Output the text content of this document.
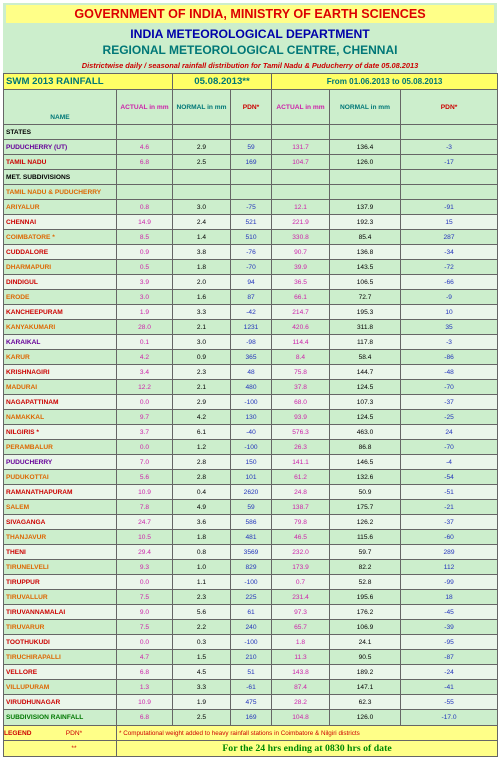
GOVERNMENT OF INDIA, MINISTRY OF EARTH SCIENCES
INDIA METEOROLOGICAL DEPARTMENT
REGIONAL METEOROLOGICAL CENTRE, CHENNAI
Districtwise daily / seasonal rainfall distribution for Tamil Nadu & Puducherry of date 05.08.2013
SWM 2013 RAINFALL		05.08.2013**		From 01.06.2013 to 05.08.2013		
NAME	ACTUAL in mm	NORMAL in mm	PDN*	ACTUAL in mm	NORMAL in mm	PDN*
STATES						
PUDUCHERRY (UT)	4.6	2.9	59	131.7	136.4	-3
TAMIL NADU	6.8	2.5	169	104.7	126.0	-17
MET. SUBDIVISIONS						
TAMIL NADU & PUDUCHERRY						
ARIYALUR	0.8	3.0	-75	12.1	137.9	-91
CHENNAI	14.9	2.4	521	221.9	192.3	15
COIMBATORE *	8.5	1.4	510	330.8	85.4	287
CUDDALORE	0.9	3.8	-76	90.7	136.8	-34
DHARMAPURI	0.5	1.8	-70	39.9	143.5	-72
DINDIGUL	3.9	2.0	94	36.5	106.5	-66
ERODE	3.0	1.6	87	66.1	72.7	-9
KANCHEEPURAM	1.9	3.3	-42	214.7	195.3	10
KANYAKUMARI	28.0	2.1	1231	420.6	311.8	35
KARAIKAL	0.1	3.0	-98	114.4	117.8	-3
KARUR	4.2	0.9	365	8.4	58.4	-86
KRISHNAGIRI	3.4	2.3	48	75.8	144.7	-48
MADURAI	12.2	2.1	480	37.8	124.5	-70
NAGAPATTINAM	0.0	2.9	-100	68.0	107.3	-37
NAMAKKAL	9.7	4.2	130	93.9	124.5	-25
NILGIRIS *	3.7	6.1	-40	576.3	463.0	24
PERAMBALUR	0.0	1.2	-100	26.3	86.8	-70
PUDUCHERRY	7.0	2.8	150	141.1	146.5	-4
PUDUKOTTAI	5.6	2.8	101	61.2	132.6	-54
RAMANATHAPURAM	10.9	0.4	2620	24.8	50.9	-51
SALEM	7.8	4.9	59	138.7	175.7	-21
SIVAGANGA	24.7	3.6	586	79.8	126.2	-37
THANJAVUR	10.5	1.8	481	46.5	115.6	-60
THENI	29.4	0.8	3569	232.0	59.7	289
TIRUNELVELI	9.3	1.0	829	173.9	82.2	112
TIRUPPUR	0.0	1.1	-100	0.7	52.8	-99
TIRUVALLUR	7.5	2.3	225	231.4	195.6	18
TIRUVANNAMALAI	9.0	5.6	61	97.3	176.2	-45
TIRUVARUR	7.5	2.2	240	65.7	106.9	-39
TOOTHUKUDI	0.0	0.3	-100	1.8	24.1	-95
TIRUCHIRAPALLI	4.7	1.5	210	11.3	90.5	-87
VELLORE	6.8	4.5	51	143.8	189.2	-24
VILLUPURAM	1.3	3.3	-61	87.4	147.1	-41
VIRUDHUNAGAR	10.9	1.9	475	28.2	62.3	-55
SUBDIVISION RAINFALL	6.8	2.5	169	104.8	126.0	-17.0
LEGEND PDN*	* Computational weight added to heavy rainfall stations in Coimbatore & Nilgiri districts					
**	For the 24 hrs ending at 0830 hrs of date					
